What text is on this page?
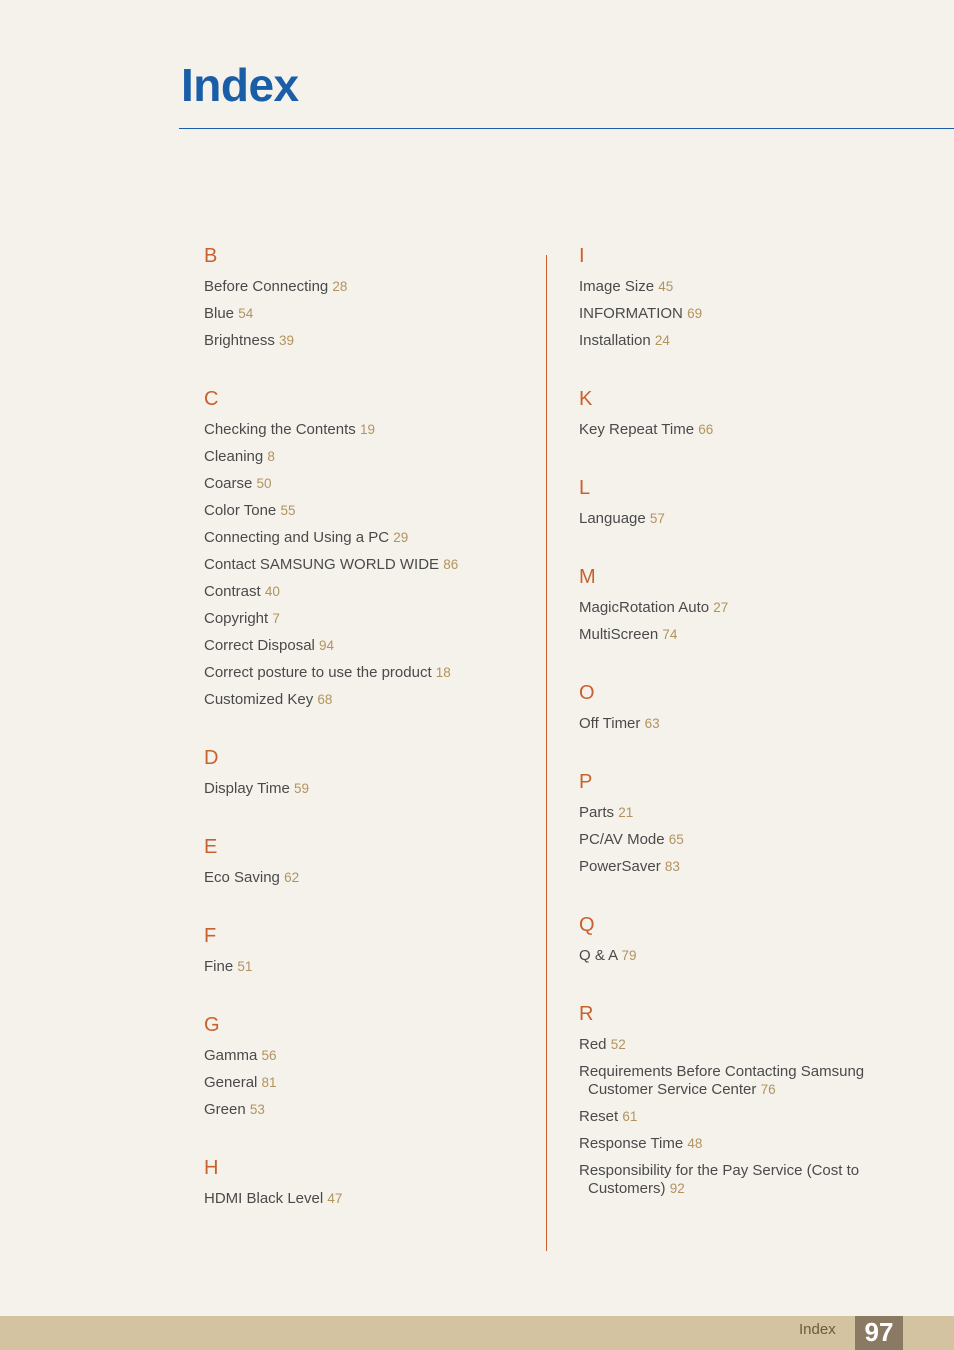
Index
B
Before Connecting 28
Blue 54
Brightness 39
C
Checking the Contents 19
Cleaning 8
Coarse 50
Color Tone 55
Connecting and Using a PC 29
Contact SAMSUNG WORLD WIDE 86
Contrast 40
Copyright 7
Correct Disposal 94
Correct posture to use the product 18
Customized Key 68
D
Display Time 59
E
Eco Saving 62
F
Fine 51
G
Gamma 56
General 81
Green 53
H
HDMI Black Level 47
I
Image Size 45
INFORMATION 69
Installation 24
K
Key Repeat Time 66
L
Language 57
M
MagicRotation Auto 27
MultiScreen 74
O
Off Timer 63
P
Parts 21
PC/AV Mode 65
PowerSaver 83
Q
Q & A 79
R
Red 52
Requirements Before Contacting Samsung
Customer Service Center 76
Reset 61
Response Time 48
Responsibility for the Pay Service (Cost to
Customers) 92
Index	97
